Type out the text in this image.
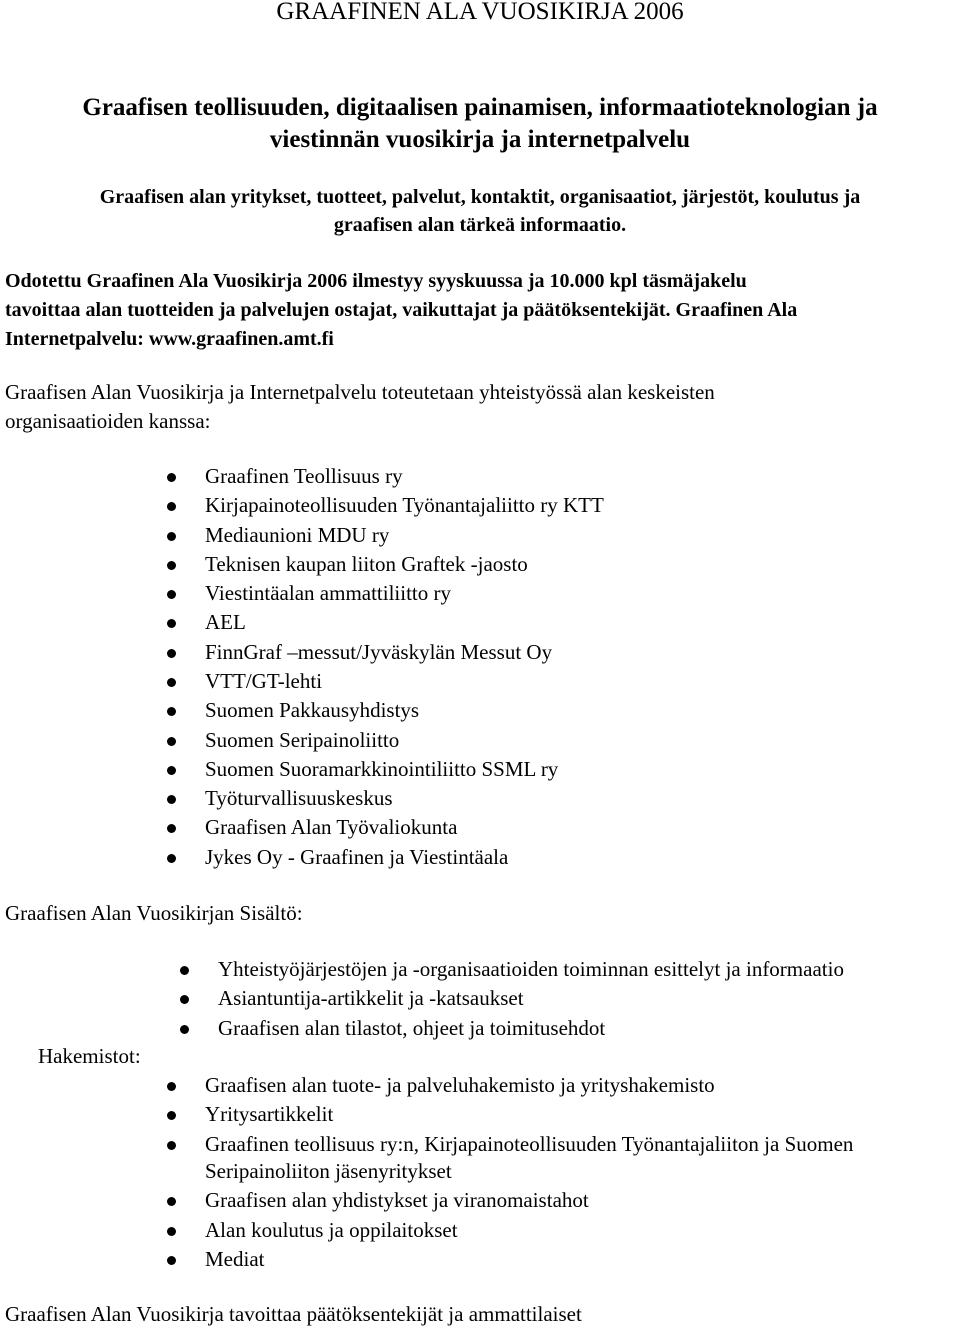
GRAAFINEN ALA VUOSIKIRJA 2006
Graafisen teollisuuden, digitaalisen painamisen, informaatioteknologian ja
viestinnän vuosikirja ja internetpalvelu
Graafisen alan yritykset, tuotteet, palvelut, kontaktit, organisaatiot, järjestöt, koulutus ja
graafisen alan tärkeä informaatio.
Odotettu Graafinen Ala Vuosikirja 2006 ilmestyy syyskuussa ja 10.000 kpl täsmäjakelu
tavoittaa alan tuotteiden ja palvelujen ostajat, vaikuttajat ja päätöksentekijät. Graafinen Ala
Internetpalvelu: www.graafinen.amt.fi
Graafisen Alan Vuosikirja ja Internetpalvelu toteutetaan yhteistyössä alan keskeisten
organisaatioiden kanssa:
Graafinen Teollisuus ry
Kirjapainoteollisuuden Työnantajaliitto ry KTT
Mediaunioni MDU ry
Teknisen kaupan liiton Graftek -jaosto
Viestintäalan ammattiliitto ry
AEL
FinnGraf –messut/Jyväskylän Messut Oy
VTT/GT-lehti
Suomen Pakkausyhdistys
Suomen Seripainoliitto
Suomen Suoramarkkinointiliitto SSML ry
Työturvallisuuskeskus
Graafisen Alan Työvaliokunta
Jykes Oy - Graafinen ja Viestintäala
Graafisen Alan Vuosikirjan Sisältö:
Yhteistyöjärjestöjen ja -organisaatioiden toiminnan esittelyt ja informaatio
Asiantuntija-artikkelit ja -katsaukset
Graafisen alan tilastot, ohjeet ja toimitusehdot
Hakemistot:
Graafisen alan tuote- ja palveluhakemisto ja yrityshakemisto
Yritysartikkelit
Graafinen teollisuus ry:n, Kirjapainoteollisuuden Työnantajaliiton ja Suomen
Seripainoliiton jäsenyritykset
Graafisen alan yhdistykset ja viranomaistahot
Alan koulutus ja oppilaitokset
Mediat
Graafisen Alan Vuosikirja tavoittaa päätöksentekijät ja ammattilaiset
